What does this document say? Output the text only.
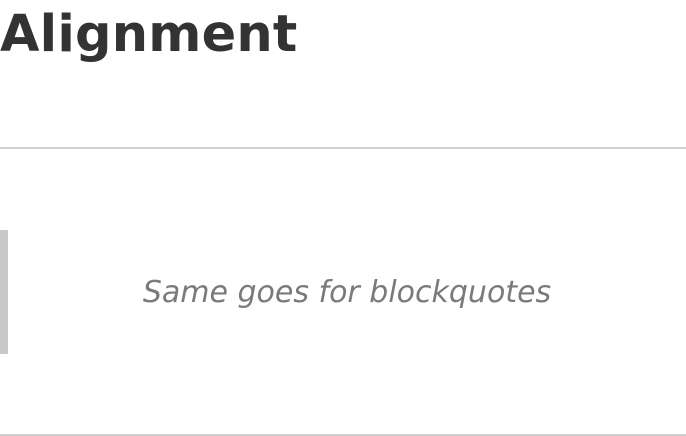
Alignment
Same goes for blockquotes
